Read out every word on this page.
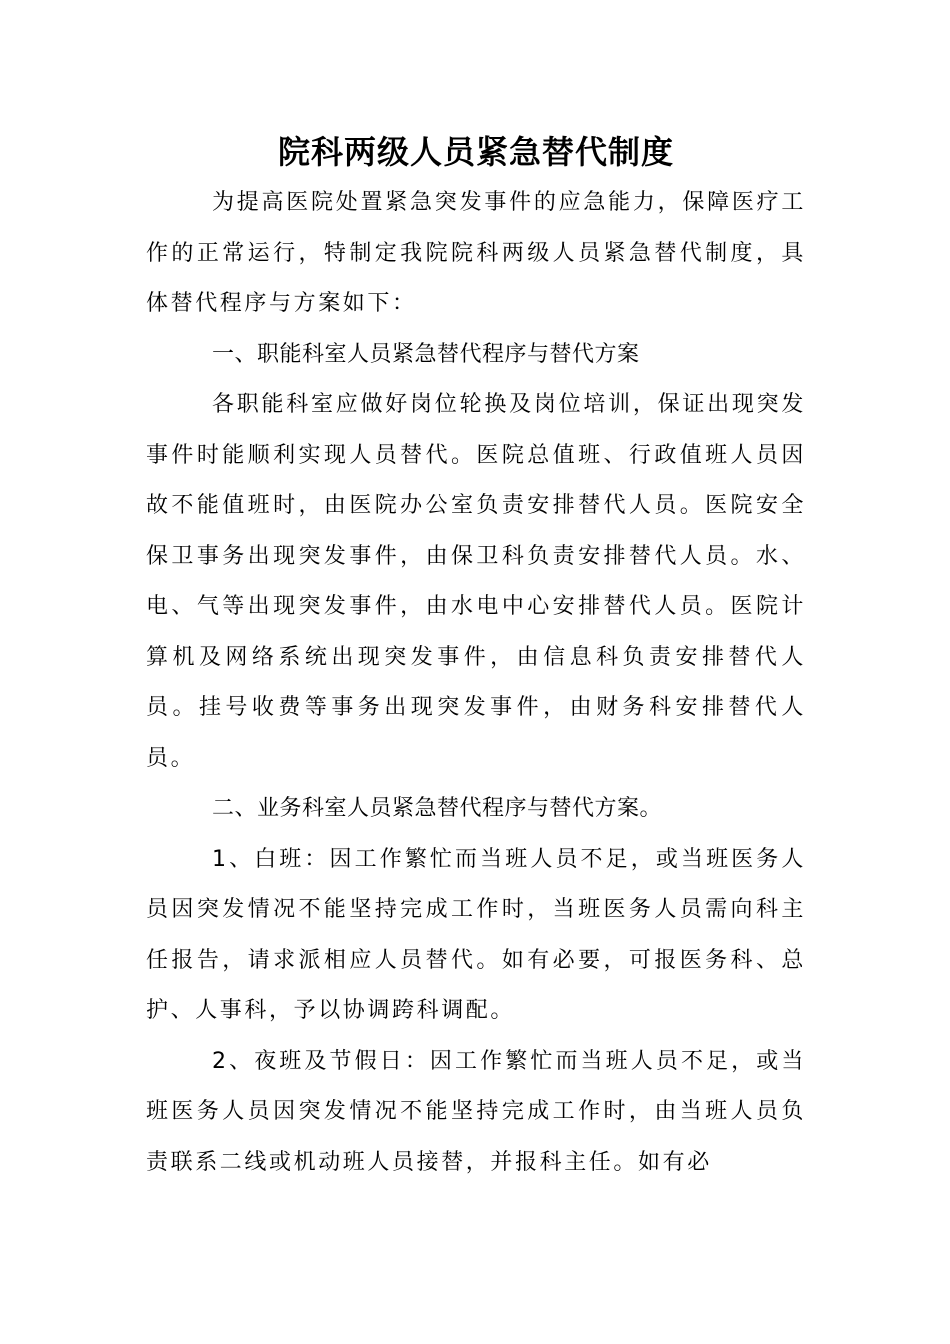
院科两级人员紧急替代制度

为提高医院处置紧急突发事件的应急能力，保障医疗工作的正常运行，特制定我院院科两级人员紧急替代制度，具体替代程序与方案如下：

一、职能科室人员紧急替代程序与替代方案

各职能科室应做好岗位轮换及岗位培训，保证出现突发事件时能顺利实现人员替代。医院总值班、行政值班人员因故不能值班时，由医院办公室负责安排替代人员。医院安全保卫事务出现突发事件，由保卫科负责安排替代人员。水、电、气等出现突发事件，由水电中心安排替代人员。医院计算机及网络系统出现突发事件，由信息科负责安排替代人员。挂号收费等事务出现突发事件，由财务科安排替代人员。

二、业务科室人员紧急替代程序与替代方案。

1、白班：因工作繁忙而当班人员不足，或当班医务人员因突发情况不能坚持完成工作时，当班医务人员需向科主任报告，请求派相应人员替代。如有必要，可报医务科、总护、人事科，予以协调跨科调配。

2、夜班及节假日：因工作繁忙而当班人员不足，或当班医务人员因突发情况不能坚持完成工作时，由当班人员负责联系二线或机动班人员接替，并报科主任。如有必
